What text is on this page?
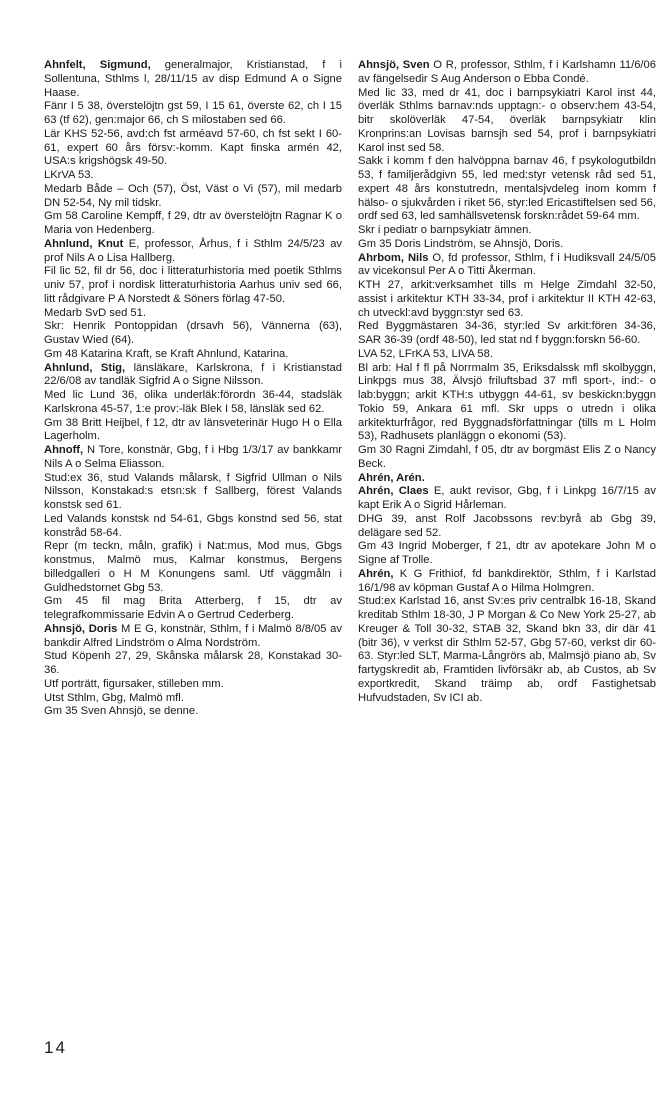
Ahnfelt, Sigmund, generalmajor, Kristianstad, f i Sollentuna, Sthlms l, 28/11/15 av disp Edmund A o Signe Haase.

Fänr I 5 38, överstelöjtn gst 59, I 15 61, överste 62, ch I 15 63 (tf 62), gen:major 66, ch S milostaben sed 66.

Lär KHS 52-56, avd:ch fst arméavd 57-60, ch fst sekt I 60-61, expert 60 års försv:-komm. Kapt finska armén 42, USA:s krigshögsk 49-50.

LKrVA 53.

Medarb Både – Och (57), Öst, Väst o Vi (57), mil medarb DN 52-54, Ny mil tidskr.

Gm 58 Caroline Kempff, f 29, dtr av överstelöjtn Ragnar K o Maria von Hedenberg.

Ahnlund, Knut E, professor, Århus, f i Sthlm 24/5/23 av prof Nils A o Lisa Hallberg.

Fil lic 52, fil dr 56, doc i litteraturhistoria med poetik Sthlms univ 57, prof i nordisk litteraturhistoria Aarhus univ sed 66, litt rådgivare P A Norstedt & Söners förlag 47-50.

Medarb SvD sed 51.

Skr: Henrik Pontoppidan (drsavh 56), Vännerna (63), Gustav Wied (64).

Gm 48 Katarina Kraft, se Kraft Ahnlund, Katarina.

Ahnlund, Stig, länsläkare, Karlskrona, f i Kristianstad 22/6/08 av tandläk Sigfrid A o Signe Nilsson.

Med lic Lund 36, olika underläk:förordn 36-44, stadsläk Karlskrona 45-57, 1:e prov:-läk Blek I 58, länsläk sed 62.

Gm 38 Britt Heijbel, f 12, dtr av länsveterinär Hugo H o Ella Lagerholm.

Ahnoff, N Tore, konstnär, Gbg, f i Hbg 1/3/17 av bankkamr Nils A o Selma Eliasson.

Stud:ex 36, stud Valands målarsk, f Sigfrid Ullman o Nils Nilsson, Konstakad:s etsn:sk f Sallberg, förest Valands konstsk sed 61.

Led Valands konstsk nd 54-61, Gbgs konstnd sed 56, stat konstråd 58-64.

Repr (m teckn, måln, grafik) i Nat:mus, Mod mus, Gbgs konstmus, Malmö mus, Kalmar konstmus, Bergens billedgalleri o H M Konungens saml. Utf väggmåln i Guldhedstornet Gbg 53.

Gm 45 fil mag Brita Atterberg, f 15, dtr av telegrafkommissarie Edvin A o Gertrud Cederberg.

Ahnsjö, Doris M E G, konstnär, Sthlm, f i Malmö 8/8/05 av bankdir Alfred Lindström o Alma Nordström.

Stud Köpenh 27, 29, Skånska målarsk 28, Konstakad 30-36.

Utf porträtt, figursaker, stilleben mm.

Utst Sthlm, Gbg, Malmö mfl.

Gm 35 Sven Ahnsjö, se denne.

Ahnsjö, Sven O R, professor, Sthlm, f i Karlshamn 11/6/06 av fängelsedir S Aug Anderson o Ebba Condé.

Med lic 33, med dr 41, doc i barnpsykiatri Karol inst 44, överläk Sthlms barnav:nds upptagn:- o observ:hem 43-54, bitr skolöverläk 47-54, överläk barnpsykiatr klin Kronprins:an Lovisas barnsjh sed 54, prof i barnpsykiatri Karol inst sed 58.

Sakk i komm f den halvöppna barnav 46, f psykologutbildn 53, f familjerådgivn 55, led med:styr vetensk råd sed 51, expert 48 års konstutredn, mentalsjvdeleg inom komm f hälso- o sjukvården i riket 56, styr:led Ericastiftelsen sed 56, ordf sed 63, led samhällsvetensk forskn:rådet 59-64 mm.

Skr i pediatr o barnpsykiatr ämnen.

Gm 35 Doris Lindström, se Ahnsjö, Doris.

Ahrbom, Nils O, fd professor, Sthlm, f i Hudiksvall 24/5/05 av vicekonsul Per A o Titti Åkerman.

KTH 27, arkit:verksamhet tills m Helge Zimdahl 32-50, assist i arkitektur KTH 33-34, prof i arkitektur II KTH 42-63, ch utveckl:avd byggn:styr sed 63.

Red Byggmästaren 34-36, styr:led Sv arkit:fören 34-36, SAR 36-39 (ordf 48-50), led stat nd f byggn:forskn 56-60.

LVA 52, LFrKA 53, LIVA 58.

Bl arb: Hal f fl på Norrmalm 35, Eriksdalssk mfl skolbyggn, Linkpgs mus 38, Älvsjö friluftsbad 37 mfl sport-, ind:- o lab:byggn; arkit KTH:s utbyggn 44-61, sv beskickn:byggn Tokio 59, Ankara 61 mfl. Skr upps o utredn i olika arkitekturfrågor, red Byggnadsförfattningar (tills m L Holm 53), Radhusets planläggn o ekonomi (53).

Gm 30 Ragni Zimdahl, f 05, dtr av borgmäst Elis Z o Nancy Beck.

Ahrén, Arén.

Ahrén, Claes E, aukt revisor, Gbg, f i Linkpg 16/7/15 av kapt Erik A o Sigrid Hårleman.

DHG 39, anst Rolf Jacobssons rev:byrå ab Gbg 39, delägare sed 52.

Gm 43 Ingrid Moberger, f 21, dtr av apotekare John M o Signe af Trolle.

Ahrén, K G Frithiof, fd bankdirektör, Sthlm, f i Karlstad 16/1/98 av köpman Gustaf A o Hilma Holmgren.

Stud:ex Karlstad 16, anst Sv:es priv centralbk 16-18, Skand kreditab Sthlm 18-30, J P Morgan & Co New York 25-27, ab Kreuger & Toll 30-32, STAB 32, Skand bkn 33, dir där 41 (bitr 36), v verkst dir Sthlm 52-57, Gbg 57-60, verkst dir 60-63. Styr:led SLT, Marma-Långrörs ab, Malmsjö piano ab, Sv fartygskredit ab, Framtiden livförsäkr ab, ab Custos, ab Sv exportkredit, Skand träimp ab, ordf Fastighetsab Hufvudstaden, Sv ICI ab.

14
